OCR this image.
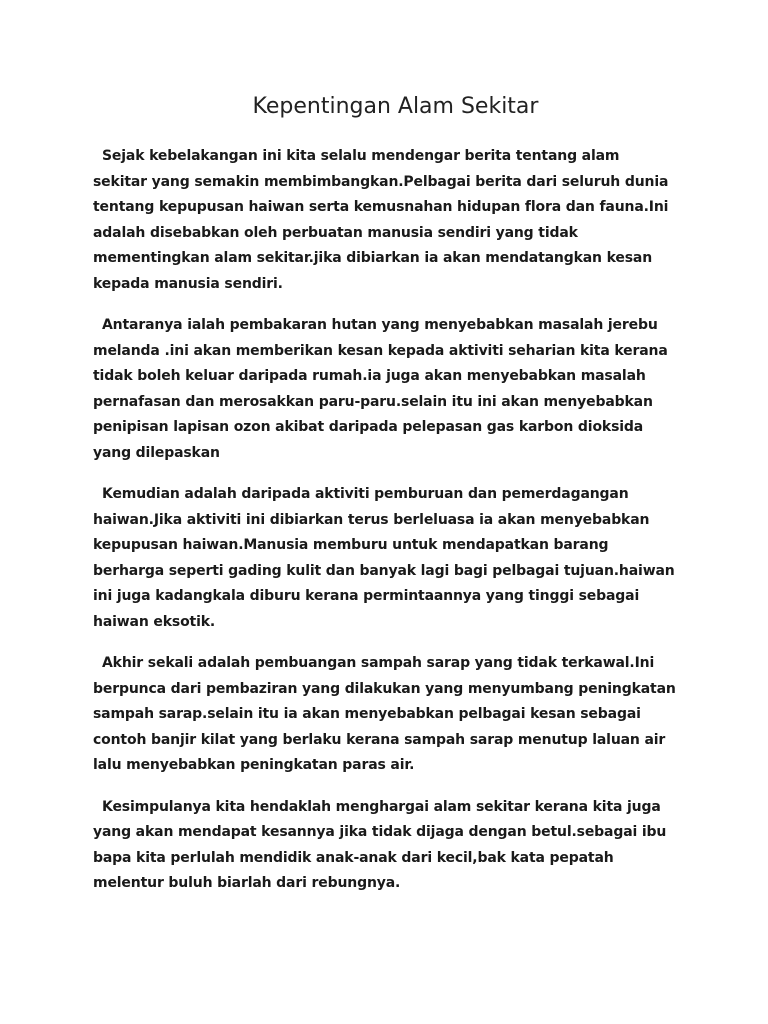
Kepentingan Alam Sekitar

Sejak kebelakangan ini kita selalu mendengar berita tentang alam sekitar yang semakin membimbangkan.Pelbagai berita dari seluruh dunia tentang kepupusan haiwan serta kemusnahan hidupan flora dan fauna.Ini adalah disebabkan oleh perbuatan manusia sendiri yang tidak mementingkan alam sekitar.jika dibiarkan ia akan mendatangkan kesan kepada manusia sendiri.

Antaranya ialah pembakaran hutan yang menyebabkan masalah jerebu melanda .ini akan memberikan kesan kepada aktiviti seharian kita kerana tidak boleh keluar daripada rumah.ia juga akan menyebabkan masalah pernafasan dan merosakkan paru-paru.selain itu ini akan menyebabkan penipisan lapisan ozon akibat daripada pelepasan gas karbon dioksida yang dilepaskan

Kemudian adalah daripada aktiviti pemburuan dan pemerdagangan haiwan.Jika aktiviti ini dibiarkan terus berleluasa ia akan menyebabkan kepupusan haiwan.Manusia memburu untuk mendapatkan barang berharga seperti gading kulit dan banyak lagi bagi pelbagai tujuan.haiwan ini juga kadangkala diburu kerana permintaannya yang tinggi sebagai haiwan eksotik.

Akhir sekali adalah pembuangan sampah sarap yang tidak terkawal.Ini berpunca dari pembaziran yang dilakukan yang menyumbang peningkatan sampah sarap.selain itu ia akan menyebabkan pelbagai kesan sebagai contoh banjir kilat yang berlaku kerana sampah sarap menutup laluan air lalu menyebabkan peningkatan paras air.

Kesimpulanya kita hendaklah menghargai alam sekitar kerana kita juga yang akan mendapat kesannya jika tidak dijaga dengan betul.sebagai ibu bapa kita perlulah mendidik anak-anak dari kecil,bak kata pepatah melentur buluh biarlah dari rebungnya.
